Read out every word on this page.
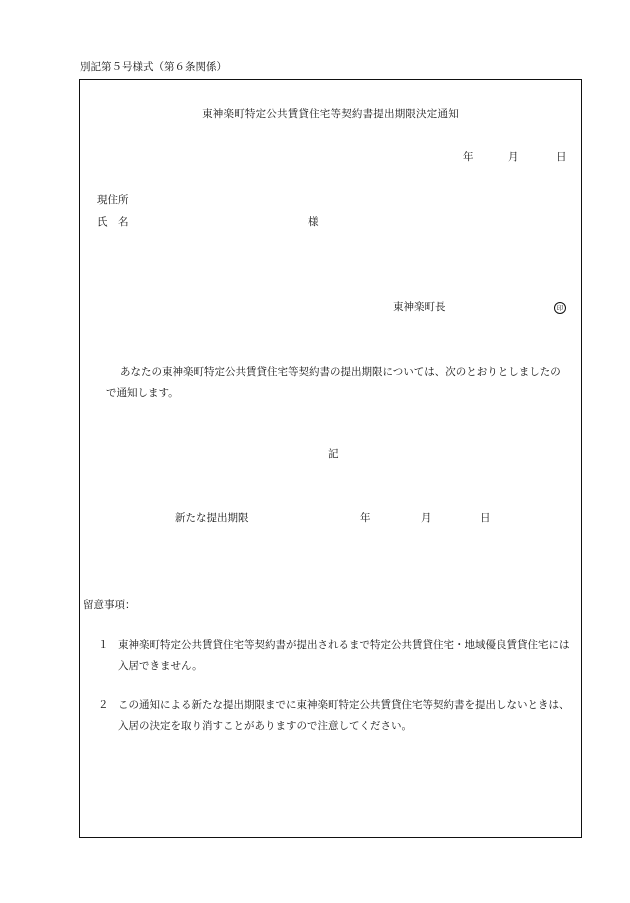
別記第５号様式（第６条関係）
東神楽町特定公共賃貸住宅等契約書提出期限決定通知
年	月	日
現住所
氏　名	様
東神楽町長	印
あなたの東神楽町特定公共賃貸住宅等契約書の提出期限については、次のとおりとしましたので通知します。
記
新たな提出期限	年	月	日
留意事項：
１ 東神楽町特定公共賃貸住宅等契約書が提出されるまで特定公共賃貸住宅・地域優良賃貸住宅には入居できません。
２ この通知による新たな提出期限までに東神楽町特定公共賃貸住宅等契約書を提出しないときは、入居の決定を取り消すことがありますので注意してください。
